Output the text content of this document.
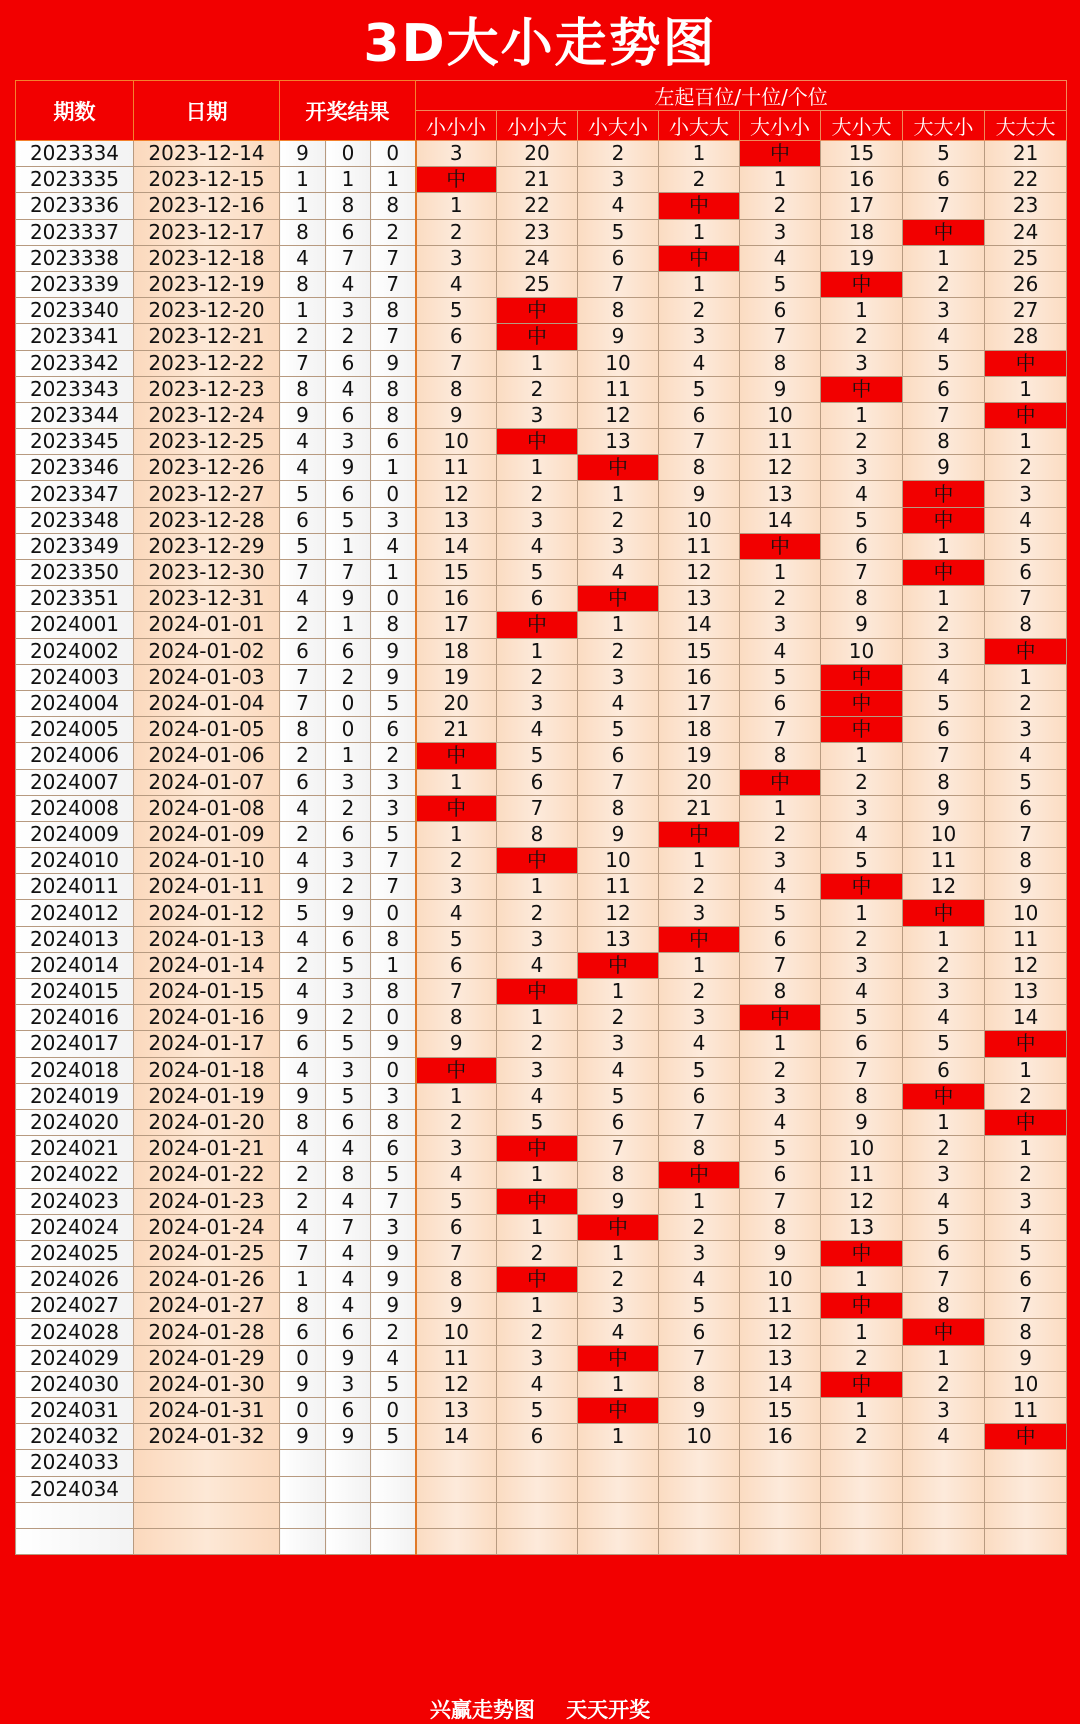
3D大小走势图
期数	日期	开奖结果			左起百位/十位/个位							
					小小小	小小大	小大小	小大大	大小小	大小大	大大小	大大大
2023334	2023-12-14	9	0	0	3	20	2	1	中	15	5	21
2023335	2023-12-15	1	1	1	中	21	3	2	1	16	6	22
2023336	2023-12-16	1	8	8	1	22	4	中	2	17	7	23
2023337	2023-12-17	8	6	2	2	23	5	1	3	18	中	24
2023338	2023-12-18	4	7	7	3	24	6	中	4	19	1	25
2023339	2023-12-19	8	4	7	4	25	7	1	5	中	2	26
2023340	2023-12-20	1	3	8	5	中	8	2	6	1	3	27
2023341	2023-12-21	2	2	7	6	中	9	3	7	2	4	28
2023342	2023-12-22	7	6	9	7	1	10	4	8	3	5	中
2023343	2023-12-23	8	4	8	8	2	11	5	9	中	6	1
2023344	2023-12-24	9	6	8	9	3	12	6	10	1	7	中
2023345	2023-12-25	4	3	6	10	中	13	7	11	2	8	1
2023346	2023-12-26	4	9	1	11	1	中	8	12	3	9	2
2023347	2023-12-27	5	6	0	12	2	1	9	13	4	中	3
2023348	2023-12-28	6	5	3	13	3	2	10	14	5	中	4
2023349	2023-12-29	5	1	4	14	4	3	11	中	6	1	5
2023350	2023-12-30	7	7	1	15	5	4	12	1	7	中	6
2023351	2023-12-31	4	9	0	16	6	中	13	2	8	1	7
2024001	2024-01-01	2	1	8	17	中	1	14	3	9	2	8
2024002	2024-01-02	6	6	9	18	1	2	15	4	10	3	中
2024003	2024-01-03	7	2	9	19	2	3	16	5	中	4	1
2024004	2024-01-04	7	0	5	20	3	4	17	6	中	5	2
2024005	2024-01-05	8	0	6	21	4	5	18	7	中	6	3
2024006	2024-01-06	2	1	2	中	5	6	19	8	1	7	4
2024007	2024-01-07	6	3	3	1	6	7	20	中	2	8	5
2024008	2024-01-08	4	2	3	中	7	8	21	1	3	9	6
2024009	2024-01-09	2	6	5	1	8	9	中	2	4	10	7
2024010	2024-01-10	4	3	7	2	中	10	1	3	5	11	8
2024011	2024-01-11	9	2	7	3	1	11	2	4	中	12	9
2024012	2024-01-12	5	9	0	4	2	12	3	5	1	中	10
2024013	2024-01-13	4	6	8	5	3	13	中	6	2	1	11
2024014	2024-01-14	2	5	1	6	4	中	1	7	3	2	12
2024015	2024-01-15	4	3	8	7	中	1	2	8	4	3	13
2024016	2024-01-16	9	2	0	8	1	2	3	中	5	4	14
2024017	2024-01-17	6	5	9	9	2	3	4	1	6	5	中
2024018	2024-01-18	4	3	0	中	3	4	5	2	7	6	1
2024019	2024-01-19	9	5	3	1	4	5	6	3	8	中	2
2024020	2024-01-20	8	6	8	2	5	6	7	4	9	1	中
2024021	2024-01-21	4	4	6	3	中	7	8	5	10	2	1
2024022	2024-01-22	2	8	5	4	1	8	中	6	11	3	2
2024023	2024-01-23	2	4	7	5	中	9	1	7	12	4	3
2024024	2024-01-24	4	7	3	6	1	中	2	8	13	5	4
2024025	2024-01-25	7	4	9	7	2	1	3	9	中	6	5
2024026	2024-01-26	1	4	9	8	中	2	4	10	1	7	6
2024027	2024-01-27	8	4	9	9	1	3	5	11	中	8	7
2024028	2024-01-28	6	6	2	10	2	4	6	12	1	中	8
2024029	2024-01-29	0	9	4	11	3	中	7	13	2	1	9
2024030	2024-01-30	9	3	5	12	4	1	8	14	中	2	10
2024031	2024-01-31	0	6	0	13	5	中	9	15	1	3	11
2024032	2024-01-32	9	9	5	14	6	1	10	16	2	4	中
2024033												
2024034												

兴赢走势图 天天开奖
